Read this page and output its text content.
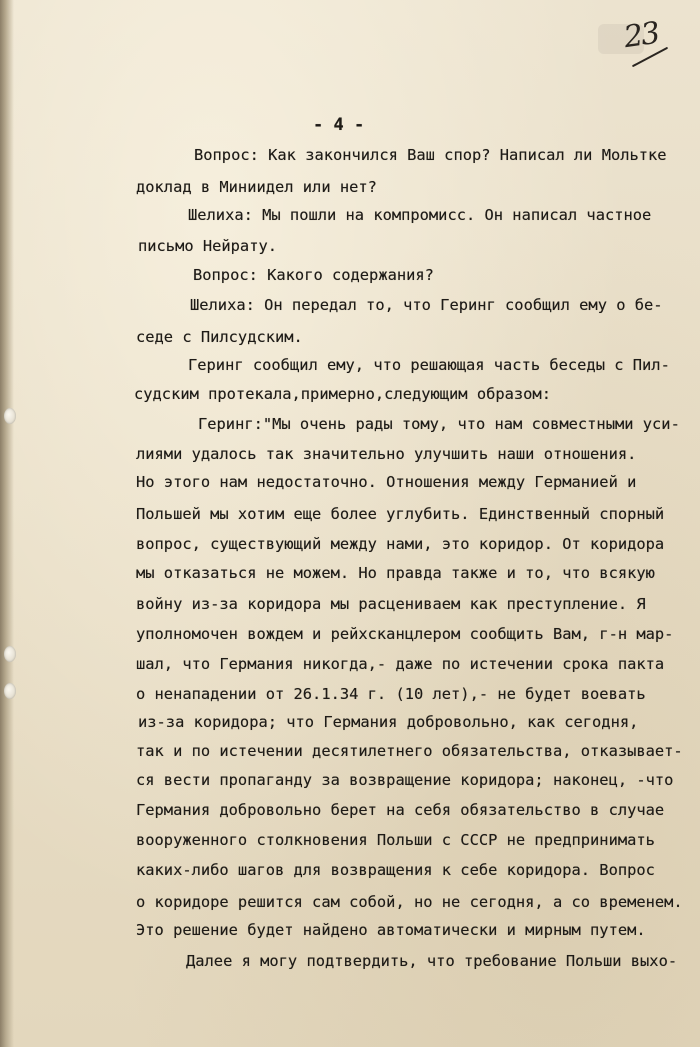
23
- 4 -
Вопрос: Как закончился Ваш спор? Написал ли Мольтке
доклад в Миниидел или нет?
Шелиха: Мы пошли на компромисс. Он написал частное
письмо Нейрату.
Вопрос: Какого содержания?
Шелиха: Он передал то, что Геринг сообщил ему о бе-
седе с Пилсудским.
Геринг сообщил ему, что решающая часть беседы с Пил-
судским протекала,примерно,следующим образом:
Геринг:"Мы очень рады тому, что нам совместными уси-
лиями удалось так значительно улучшить наши отношения.
Но этого нам недостаточно. Отношения между Германией и
Польшей мы хотим еще более углубить. Единственный спорный
вопрос, существующий между нами, это коридор. От коридора
мы отказаться не можем. Но правда также и то, что всякую
войну из-за коридора мы расцениваем как преступление. Я
уполномочен вождем и рейхсканцлером сообщить Вам, г-н мар-
шал, что Германия никогда,- даже по истечении срока пакта
о ненападении от 26.1.34 г. (10 лет),- не будет воевать
из-за коридора; что Германия добровольно, как сегодня,
так и по истечении десятилетнего обязательства, отказывает-
ся вести пропаганду за возвращение коридора; наконец, -что
Германия добровольно берет на себя обязательство в случае
вооруженного столкновения Польши с СССР не предпринимать
каких-либо шагов для возвращения к себе коридора. Вопрос
о коридоре решится сам собой, но не сегодня, а со временем.
Это решение будет найдено автоматически и мирным путем.
Далее я могу подтвердить, что требование Польши выхо-
